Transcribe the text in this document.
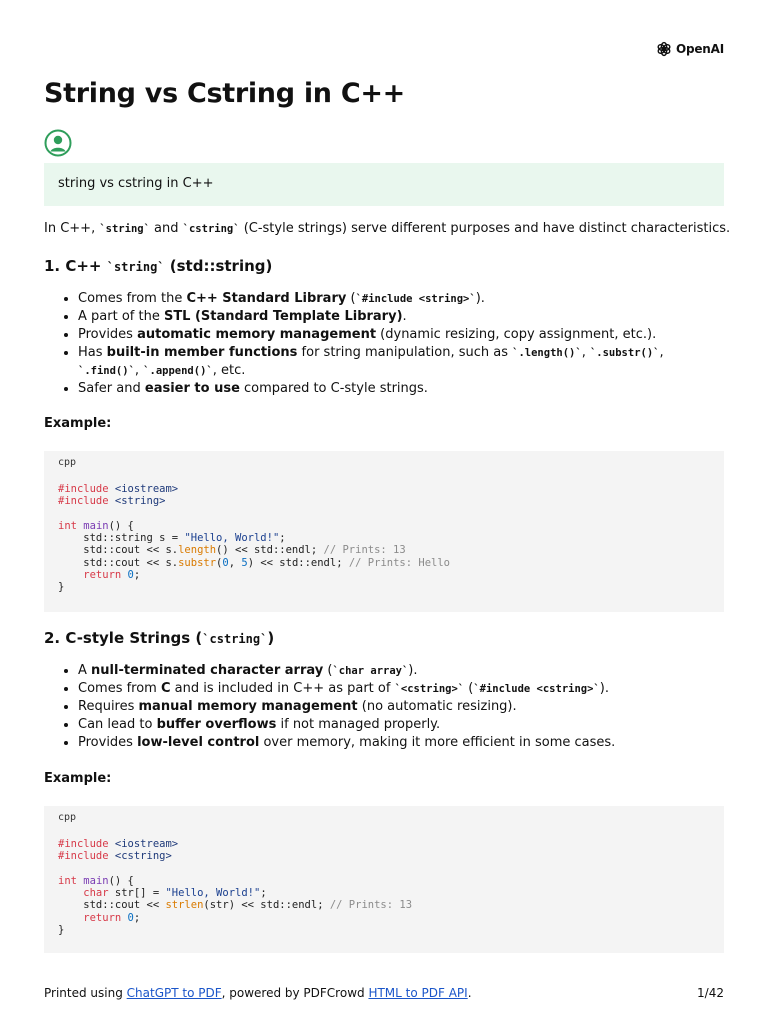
OpenAI
String vs Cstring in C++
string vs cstring in C++
In C++, `string` and `cstring` (C-style strings) serve different purposes and have distinct characteristics.
1. C++ `string` (std::string)
• Comes from the C++ Standard Library (`#include <string>`).
• A part of the STL (Standard Template Library).
• Provides automatic memory management (dynamic resizing, copy assignment, etc.).
• Has built-in member functions for string manipulation, such as `.length()`, `.substr()`,
`.find()`, `.append()`, etc.
• Safer and easier to use compared to C-style strings.
Example:
cpp
#include <iostream>
#include <string>

int main() {
std::string s = "Hello, World!";
std::cout << s.length() << std::endl; // Prints: 13
std::cout << s.substr(0, 5) << std::endl; // Prints: Hello
return 0;
}
2. C-style Strings (`cstring`)
• A null-terminated character array (`char array`).
• Comes from C and is included in C++ as part of `<cstring>` (`#include <cstring>`).
• Requires manual memory management (no automatic resizing).
• Can lead to buffer overflows if not managed properly.
• Provides low-level control over memory, making it more efficient in some cases.
Example:
cpp
#include <iostream>
#include <cstring>

int main() {
char str[] = "Hello, World!";
std::cout << strlen(str) << std::endl; // Prints: 13
return 0;
}
Printed using ChatGPT to PDF, powered by PDFCrowd HTML to PDF API.	1/42
